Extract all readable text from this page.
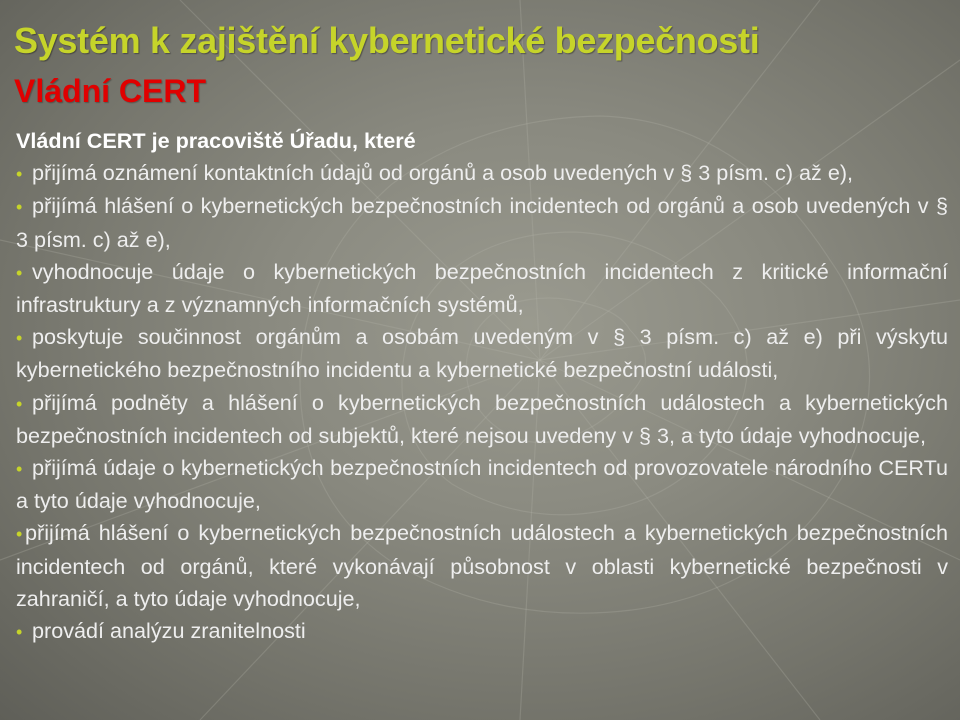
Systém k zajištění kybernetické bezpečnosti
Vládní CERT

Vládní CERT je pracoviště Úřadu, které

• přijímá oznámení kontaktních údajů od orgánů a osob uvedených v § 3 písm. c) až e),
• přijímá hlášení o kybernetických bezpečnostních incidentech od orgánů a osob uvedených v § 3 písm. c) až e),
• vyhodnocuje údaje o kybernetických bezpečnostních incidentech z kritické informační infrastruktury a z významných informačních systémů,
• poskytuje součinnost orgánům a osobám uvedeným v § 3 písm. c) až e) při výskytu kybernetického bezpečnostního incidentu a kybernetické bezpečnostní události,
• přijímá podněty a hlášení o kybernetických bezpečnostních událostech a kybernetických bezpečnostních incidentech od subjektů, které nejsou uvedeny v § 3, a tyto údaje vyhodnocuje,
• přijímá údaje o kybernetických bezpečnostních incidentech od provozovatele národního CERTu a tyto údaje vyhodnocuje,
• přijímá hlášení o kybernetických bezpečnostních událostech a kybernetických bezpečnostních incidentech od orgánů, které vykonávají působnost v oblasti kybernetické bezpečnosti v zahraničí, a tyto údaje vyhodnocuje,
• provádí analýzu zranitelnosti
